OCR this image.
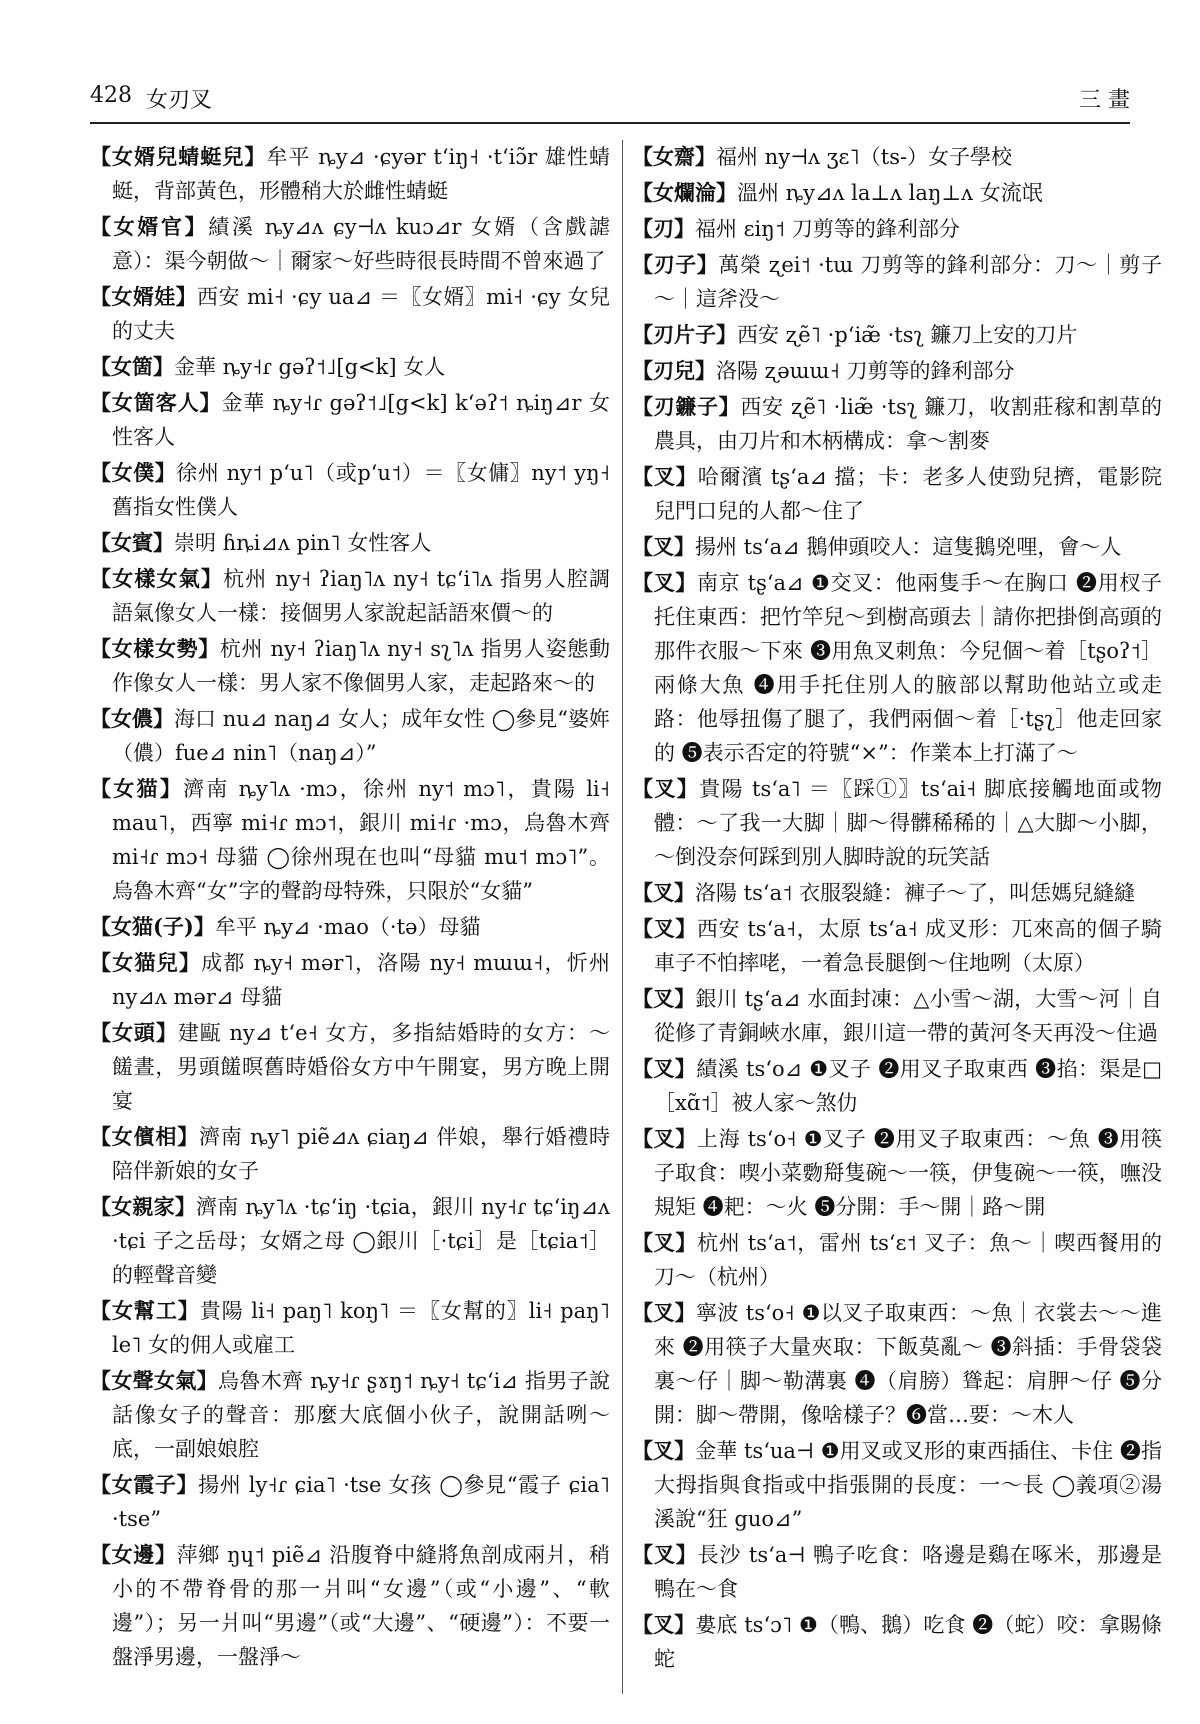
428 女刃叉	三 畫

【女婿兒蜻蜓兒】牟平 ȵy⊿ ·ɕyər tʻiŋ˧ ·tʻiɔ̃r 雄性蜻蜓，背部黃色，形體稍大於雌性蜻蜓

【女婿官】績溪 ȵy⊿ʌ ɕy⊣ʌ kuɔ⊿r 女婿（含戲謔意）：渠今朝做～｜爾家～好些時很長時間不曾來過了

【女婿娃】西安 mi˧ ·ɕy ua⊿ ＝〖女婿〗mi˧ ·ɕy 女兒的丈夫

【女箇】金華 ȵy˧ɾ gəʔ˦˩[g<k] 女人

【女箇客人】金華 ȵy˧ɾ gəʔ˦˩[g<k] kʻəʔ˦ ȵiŋ⊿r 女性客人

【女僕】徐州 ny˦ pʻu˥（或pʻu˦）＝〖女傭〗ny˦ yŋ˧ 舊指女性僕人

【女賓】崇明 ɦȵi⊿ʌ pin˥ 女性客人

【女樣女氣】杭州 ny˧ ʔiaŋ˥ʌ ny˧ tɕʻi˥ʌ 指男人腔調語氣像女人一樣：接個男人家說起話語來價～的

【女樣女勢】杭州 ny˧ ʔiaŋ˥ʌ ny˧ sʅ˥ʌ 指男人姿態動作像女人一樣：男人家不像個男人家，走起路來～的

【女儂】海口 nu⊿ naŋ⊿ 女人；成年女性 ◯參見“婆姩（儂）fue⊿ nin˥（naŋ⊿）”

【女猫】濟南 ȵy˥ʌ ·mɔ，徐州 ny˦ mɔ˥，貴陽 li˧ mau˥，西寧 mi˧ɾ mɔ˦，銀川 mi˧ɾ ·mɔ，烏魯木齊 mi˧ɾ mɔ˧ 母貓 ◯徐州現在也叫“母貓 mu˦ mɔ˥”。烏魯木齊“女”字的聲韵母特殊，只限於“女貓”

【女猫(子)】牟平 ȵy⊿ ·mao（·tə）母貓

【女猫兒】成都 ȵy˧ mər˥，洛陽 ny˧ mɯɯ˧，忻州 ny⊿ʌ mər⊿ 母貓

【女頭】建甌 ny⊿ tʻe˧ 女方，多指結婚時的女方：～饈晝，男頭饈暝舊時婚俗女方中午開宴，男方晚上開宴

【女儐相】濟南 ȵy˥ piẽ⊿ʌ ɕiaŋ⊿ 伴娘，舉行婚禮時陪伴新娘的女子

【女親家】濟南 ȵy˥ʌ ·tɕʻiŋ ·tɕia，銀川 ny˧ɾ tɕʻiŋ⊿ʌ ·tɕi 子之岳母；女婿之母 ◯銀川［·tɕi］是［tɕia˦］的輕聲音變

【女幫工】貴陽 li˧ paŋ˥ koŋ˥ ＝〖女幫的〗li˧ paŋ˥ le˥ 女的佣人或雇工

【女聲女氣】烏魯木齊 ȵy˧ɾ ʂɤŋ˦ ȵy˧ tɕʻi⊿ 指男子說話像女子的聲音：那麼大底個小伙子，說開話咧～底，一副娘娘腔

【女霞子】揚州 ly˧ɾ ɕia˥ ·tse 女孩 ◯參見“霞子 ɕia˥ ·tse”

【女邊】萍鄉 ŋɥ˦ piẽ⊿ 沿腹脊中縫將魚剖成兩爿，稍小的不帶脊骨的那一爿叫“女邊”（或“小邊”、“軟邊”）；另一爿叫“男邊”（或“大邊”、“硬邊”）：不要一盤淨男邊，一盤淨～

【女齋】福州 ny⊣ʌ ʒɛ˥（ts-）女子學校

【女爛淪】溫州 ȵy⊿ʌ la⊥ʌ laŋ⊥ʌ 女流氓

【刃】福州 ɛiŋ˦ 刀剪等的鋒利部分

【刃子】萬榮 ʐei˦ ·tɯ 刀剪等的鋒利部分：刀～｜剪子～｜這斧没～

【刃片子】西安 ʐẽ˥ ·pʻiæ̃ ·tsʅ 鐮刀上安的刀片

【刃兒】洛陽 ʐəɯɯ˧ 刀剪等的鋒利部分

【刃鐮子】西安 ʐẽ˥ ·liæ̃ ·tsʅ 鐮刀，收割莊稼和割草的農具，由刀片和木柄構成：拿～割麥

【叉】哈爾濱 tʂʻa⊿ 擋；卡：老多人使勁兒擠，電影院兒門口兒的人都～住了

【叉】揚州 tsʻa⊿ 鵝伸頭咬人：這隻鵝兇哩，會～人

【叉】南京 tʂʻa⊿ ❶交叉：他兩隻手～在胸口 ❷用杈子托住東西：把竹竿兒～到樹高頭去｜請你把掛倒高頭的那件衣服～下來 ❸用魚叉刺魚：今兒個～着［tʂoʔ˦］兩條大魚 ❹用手托住別人的腋部以幫助他站立或走路：他辱扭傷了腿了，我們兩個～着［·tʂʅ］他走回家的 ❺表示否定的符號“×”：作業本上打滿了～

【叉】貴陽 tsʻa˥ ＝〖踩①〗tsʻai˧ 脚底接觸地面或物體：～了我一大脚｜脚～得髒稀稀的｜△大脚～小脚，～倒没奈何踩到別人脚時說的玩笑話

【叉】洛陽 tsʻa˦ 衣服裂縫：褲子～了，叫恁媽兒縫縫

【叉】西安 tsʻa˧，太原 tsʻa˧ 成叉形：兀來高的個子騎車子不怕摔咾，一着急長腿倒～住地咧（太原）

【叉】銀川 tʂʻa⊿ 水面封凍：△小雪～湖，大雪～河｜自從修了青銅峽水庫，銀川這一帶的黃河冬天再没～住過

【叉】績溪 tsʻo⊿ ❶叉子 ❷用叉子取東西 ❸掐：渠是□［xɑ̃˦］被人家～煞仂

【叉】上海 tsʻo˧ ❶叉子 ❷用叉子取東西：～魚 ❸用筷子取食：喫小菜覅搿隻碗～一筷，伊隻碗～一筷，嘸没規矩 ❹耙：～火 ❺分開：手～開｜路～開

【叉】杭州 tsʻa˦，雷州 tsʻɛ˦ 叉子：魚～｜喫西餐用的刀～（杭州）

【叉】寧波 tsʻo˧ ❶以叉子取東西：～魚｜衣裳去～～進來 ❷用筷子大量夾取：下飯莫亂～ ❸斜插：手骨袋袋裏～仔｜脚～勒溝裏 ❹（肩膀）聳起：肩胛～仔 ❺分開：脚～帶開，像啥樣子？❻當…要：～木人

【叉】金華 tsʻua⊣ ❶用叉或叉形的東西插住、卡住 ❷指大拇指與食指或中指張開的長度：一～長 ◯義項②湯溪說“狂 guo⊿”

【叉】長沙 tsʻa⊣ 鴨子吃食：咯邊是鷄在啄米，那邊是鴨在～食

【叉】婁底 tsʻɔ˥ ❶（鴨、鵝）吃食 ❷（蛇）咬：拿賜條蛇
